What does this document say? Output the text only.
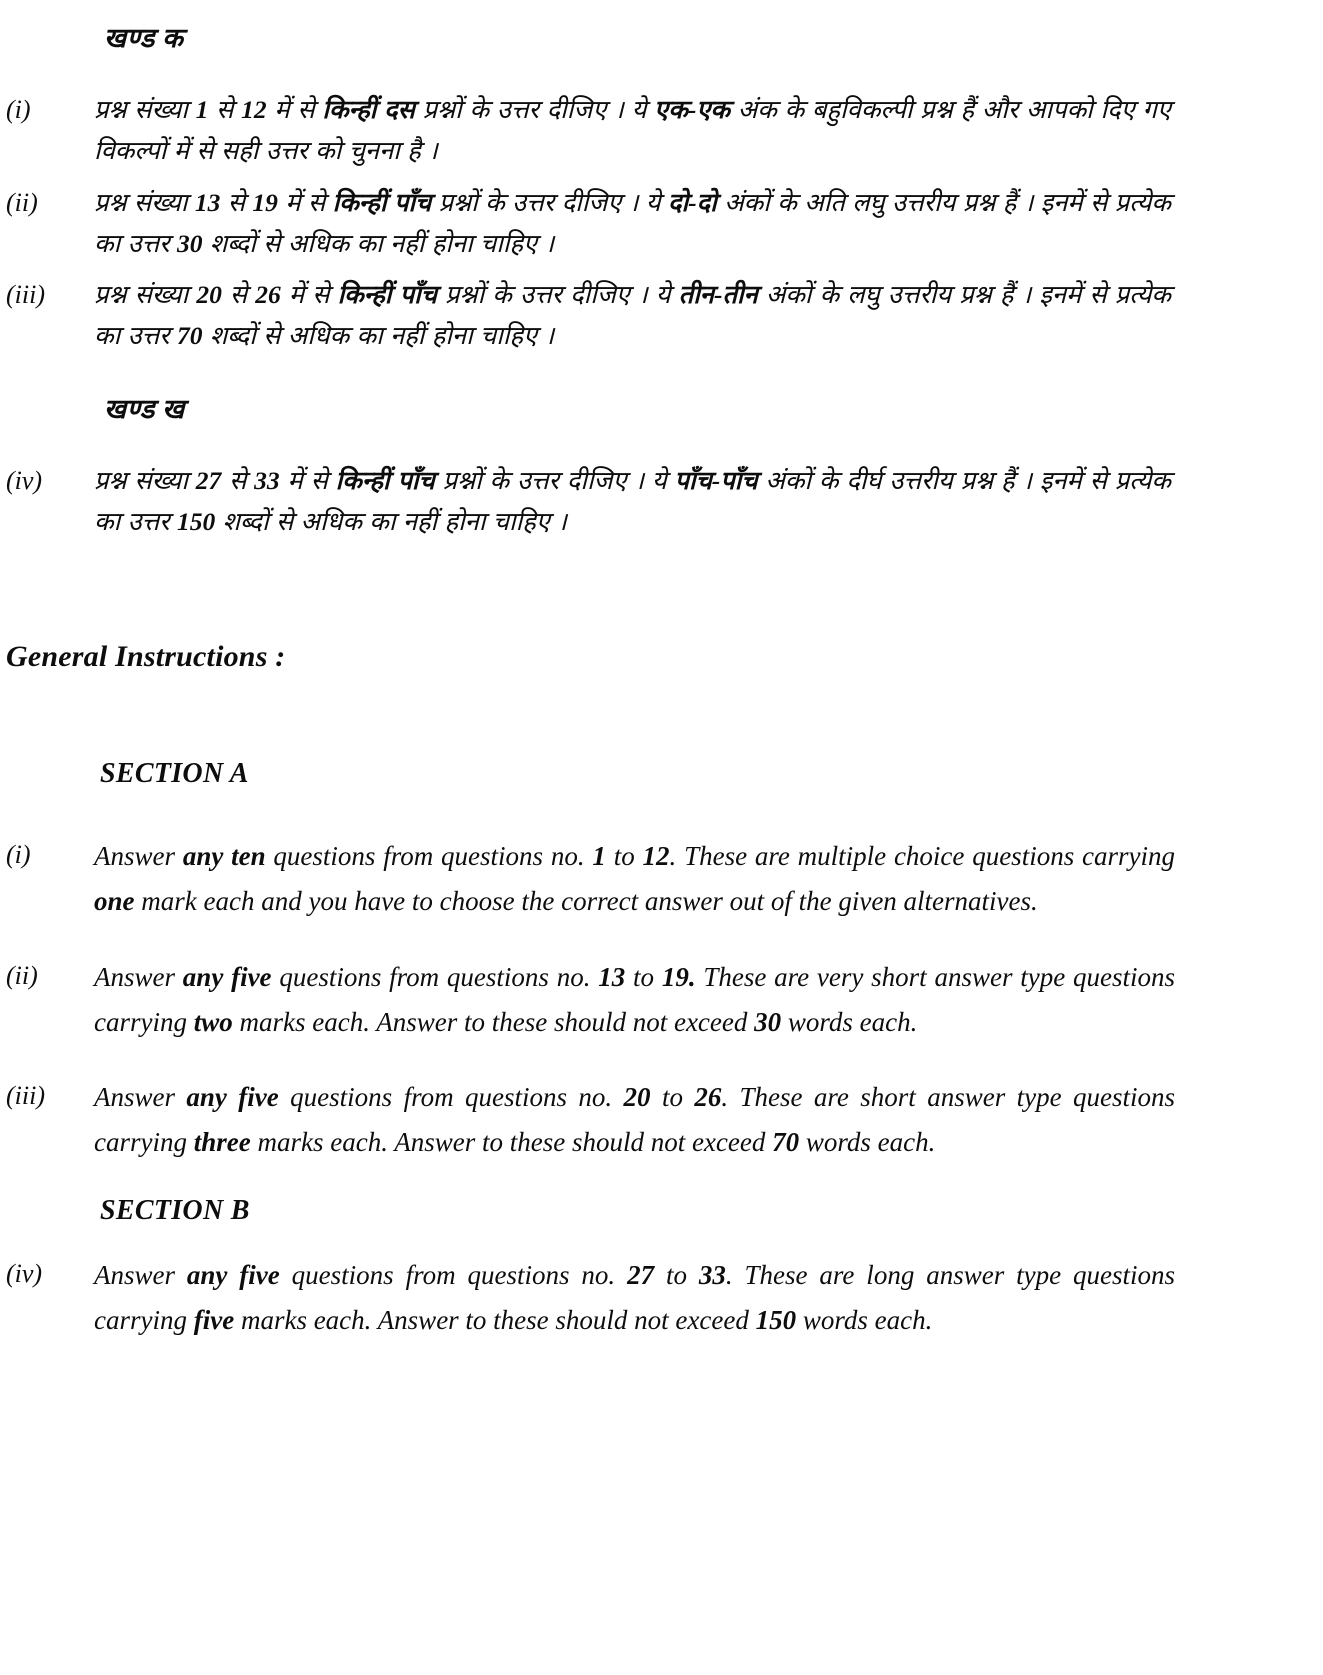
खण्ड क
(i)	प्रश्न संख्या 1 से 12 में से किन्हीं दस प्रश्नों के उत्तर दीजिए । ये एक-एक अंक के बहुविकल्पी प्रश्न हैं और आपको दिए गए विकल्पों में से सही उत्तर को चुनना है ।
(ii)	प्रश्न संख्या 13 से 19 में से किन्हीं पाँच प्रश्नों के उत्तर दीजिए । ये दो-दो अंकों के अति लघु उत्तरीय प्रश्न हैं । इनमें से प्रत्येक का उत्तर 30 शब्दों से अधिक का नहीं होना चाहिए ।
(iii)	प्रश्न संख्या 20 से 26 में से किन्हीं पाँच प्रश्नों के उत्तर दीजिए । ये तीन-तीन अंकों के लघु उत्तरीय प्रश्न हैं । इनमें से प्रत्येक का उत्तर 70 शब्दों से अधिक का नहीं होना चाहिए ।
खण्ड ख
(iv)	प्रश्न संख्या 27 से 33 में से किन्हीं पाँच प्रश्नों के उत्तर दीजिए । ये पाँच-पाँच अंकों के दीर्घ उत्तरीय प्रश्न हैं । इनमें से प्रत्येक का उत्तर 150 शब्दों से अधिक का नहीं होना चाहिए ।
General Instructions :
SECTION A
(i)	Answer any ten questions from questions no. 1 to 12. These are multiple choice questions carrying one mark each and you have to choose the correct answer out of the given alternatives.
(ii)	Answer any five questions from questions no. 13 to 19. These are very short answer type questions carrying two marks each. Answer to these should not exceed 30 words each.
(iii)	Answer any five questions from questions no. 20 to 26. These are short answer type questions carrying three marks each. Answer to these should not exceed 70 words each.
SECTION B
(iv)	Answer any five questions from questions no. 27 to 33. These are long answer type questions carrying five marks each. Answer to these should not exceed 150 words each.
